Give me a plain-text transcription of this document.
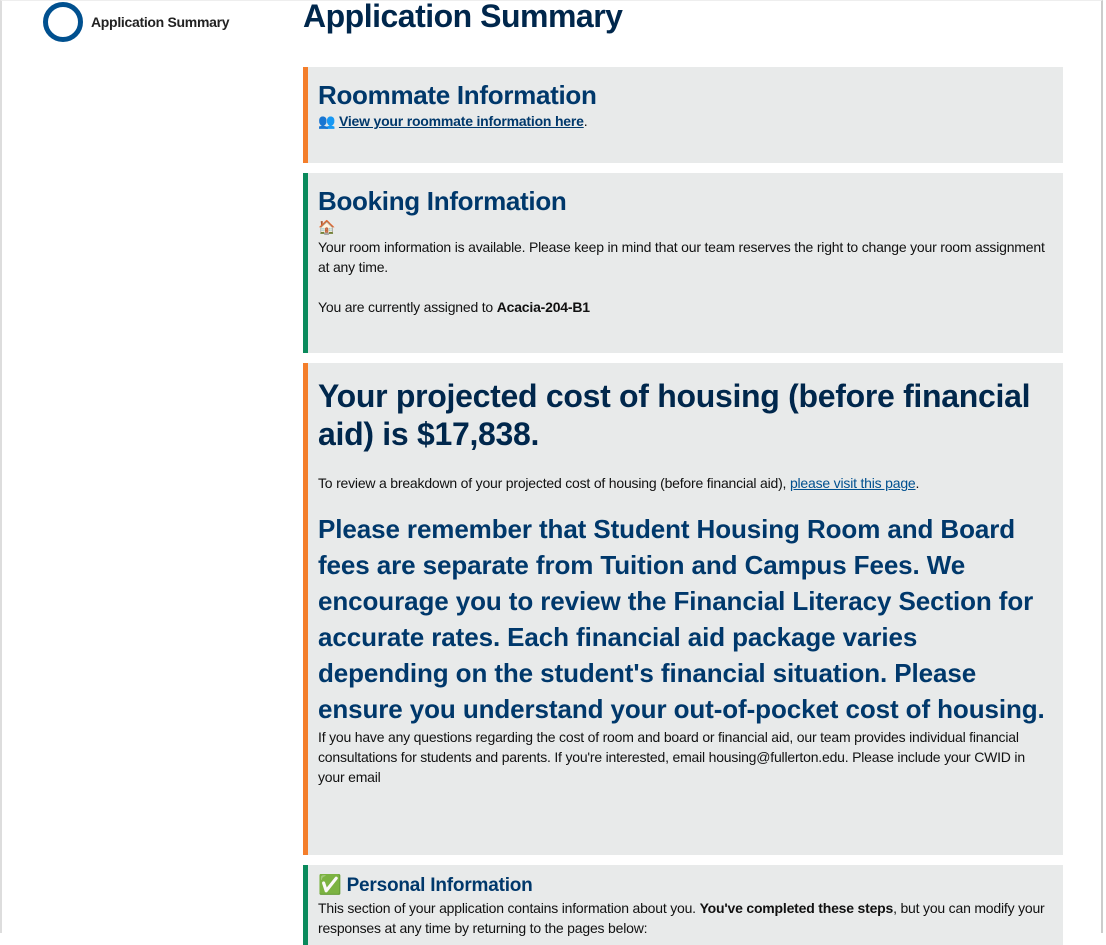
Application Summary Application Summary
Roommate Information
👥 View your roommate information here.
Booking Information
🏠

Your room information is available. Please keep in mind that our team reserves the right to change your room assignment at any time.

You are currently assigned to Acacia-204-B1

Your projected cost of housing (before financial aid) is $17,838.

To review a breakdown of your projected cost of housing (before financial aid), please visit this page.

Please remember that Student Housing Room and Board fees are separate from Tuition and Campus Fees. We encourage you to review the Financial Literacy Section for accurate rates. Each financial aid package varies depending on the student's financial situation. Please ensure you understand your out-of-pocket cost of housing.

If you have any questions regarding the cost of room and board or financial aid, our team provides individual financial consultations for students and parents. If you're interested, email housing@fullerton.edu. Please include your CWID in your email

✅ Personal Information

This section of your application contains information about you. You've completed these steps, but you can modify your responses at any time by returning to the pages below:
